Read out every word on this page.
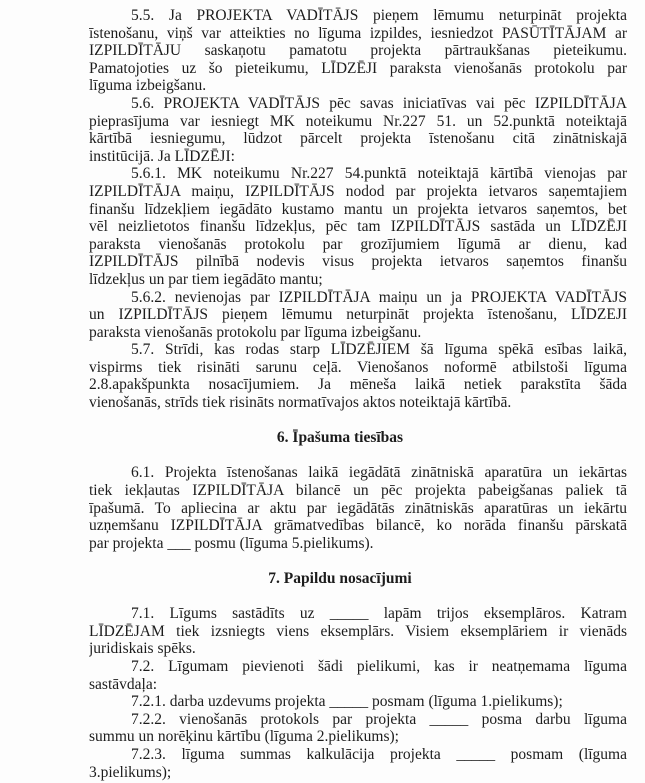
5.5. Ja PROJEKTA VADĪTĀJS pieņem lēmumu neturpināt projekta
īstenošanu, viņš var atteikties no līguma izpildes, iesniedzot PASŪTĪTĀJAM ar
IZPILDĪTĀJU saskaņotu pamatotu projekta pārtraukšanas pieteikumu.
Pamatojoties uz šo pieteikumu, LĪDZĒJI paraksta vienošanās protokolu par
līguma izbeigšanu.
5.6. PROJEKTA VADĪTĀJS pēc savas iniciatīvas vai pēc IZPILDĪTĀJA
pieprasījuma var iesniegt MK noteikumu Nr.227 51. un 52.punktā noteiktajā
kārtībā iesniegumu, lūdzot pārcelt projekta īstenošanu citā zinātniskajā
institūcijā. Ja LĪDZĒJI:
5.6.1. MK noteikumu Nr.227 54.punktā noteiktajā kārtībā vienojas par
IZPILDĪTĀJA maiņu, IZPILDĪTĀJS nodod par projekta ietvaros saņemtajiem
finanšu līdzekļiem iegādāto kustamo mantu un projekta ietvaros saņemtos, bet
vēl neizlietotos finanšu līdzekļus, pēc tam IZPILDĪTĀJS sastāda un LĪDZĒJI
paraksta vienošanās protokolu par grozījumiem līgumā ar dienu, kad
IZPILDĪTĀJS pilnībā nodevis visus projekta ietvaros saņemtos finanšu
līdzekļus un par tiem iegādāto mantu;
5.6.2. nevienojas par IZPILDĪTĀJA maiņu un ja PROJEKTA VADĪTĀJS
un IZPILDĪTĀJS pieņem lēmumu neturpināt projekta īstenošanu, LĪDZEJI
paraksta vienošanās protokolu par līguma izbeigšanu.
5.7. Strīdi, kas rodas starp LĪDZĒJIEM šā līguma spēkā esības laikā,
vispirms tiek risināti sarunu ceļā. Vienošanos noformē atbilstoši līguma
2.8.apakšpunkta nosacījumiem. Ja mēneša laikā netiek parakstīta šāda
vienošanās, strīds tiek risināts normatīvajos aktos noteiktajā kārtībā.
6. Īpašuma tiesības
6.1. Projekta īstenošanas laikā iegādātā zinātniskā aparatūra un iekārtas
tiek iekļautas IZPILDĪTĀJA bilancē un pēc projekta pabeigšanas paliek tā
īpašumā. To apliecina ar aktu par iegādātās zinātniskās aparatūras un iekārtu
uzņemšanu IZPILDĪTĀJA grāmatvedības bilancē, ko norāda finanšu pārskatā
par projekta ___ posmu (līguma 5.pielikums).
7. Papildu nosacījumi
7.1. Līgums sastādīts uz _____ lapām trijos eksemplāros. Katram
LĪDZĒJAM tiek izsniegts viens eksemplārs. Visiem eksemplāriem ir vienāds
juridiskais spēks.
7.2. Līgumam pievienoti šādi pielikumi, kas ir neatņemama līguma
sastāvdaļa:
7.2.1. darba uzdevums projekta _____ posmam (līguma 1.pielikums);
7.2.2. vienošanās protokols par projekta _____ posma darbu līguma
summu un norēķinu kārtību (līguma 2.pielikums);
7.2.3. līguma summas kalkulācija projekta _____ posmam (līguma
3.pielikums);
